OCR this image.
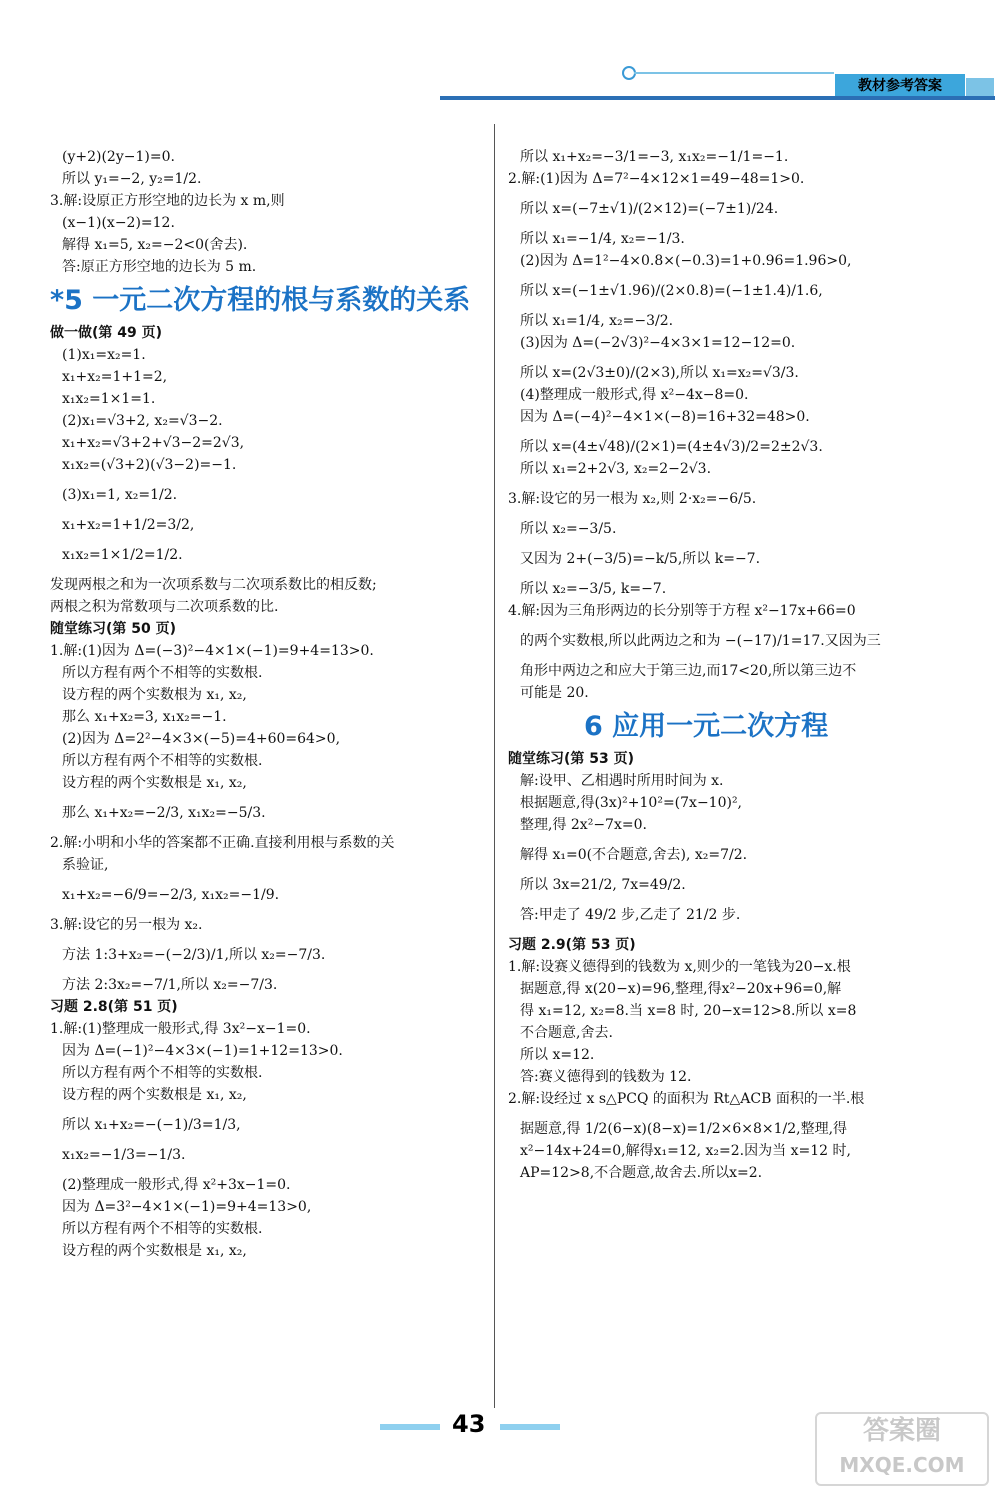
教材参考答案

(y+2)(2y−1)=0.

所以 y₁=−2, y₂=1/2.

3.解:设原正方形空地的边长为 x m,则

(x−1)(x−2)=12.

解得 x₁=5, x₂=−2<0(舍去).

答:原正方形空地的边长为 5 m.

*5 一元二次方程的根与系数的关系
做一做(第 49 页)

(1)x₁=x₂=1.

x₁+x₂=1+1=2,

x₁x₂=1×1=1.

(2)x₁=√3+2, x₂=√3−2.

x₁+x₂=√3+2+√3−2=2√3,

x₁x₂=(√3+2)(√3−2)=−1.

(3)x₁=1, x₂=1/2.

x₁+x₂=1+1/2=3/2,

x₁x₂=1×1/2=1/2.

发现两根之和为一次项系数与二次项系数比的相反数;

两根之积为常数项与二次项系数的比.

随堂练习(第 50 页)

1.解:(1)因为 Δ=(−3)²−4×1×(−1)=9+4=13>0.

所以方程有两个不相等的实数根.

设方程的两个实数根为 x₁, x₂,

那么 x₁+x₂=3, x₁x₂=−1.

(2)因为 Δ=2²−4×3×(−5)=4+60=64>0,

所以方程有两个不相等的实数根.

设方程的两个实数根是 x₁, x₂,

那么 x₁+x₂=−2/3, x₁x₂=−5/3.

2.解:小明和小华的答案都不正确.直接利用根与系数的关

系验证,

x₁+x₂=−6/9=−2/3, x₁x₂=−1/9.

3.解:设它的另一根为 x₂.

方法 1:3+x₂=−(−2/3)/1,所以 x₂=−7/3.

方法 2:3x₂=−7/1,所以 x₂=−7/3.

习题 2.8(第 51 页)

1.解:(1)整理成一般形式,得 3x²−x−1=0.

因为 Δ=(−1)²−4×3×(−1)=1+12=13>0.

所以方程有两个不相等的实数根.

设方程的两个实数根是 x₁, x₂,

所以 x₁+x₂=−(−1)/3=1/3,

x₁x₂=−1/3=−1/3.

(2)整理成一般形式,得 x²+3x−1=0.

因为 Δ=3²−4×1×(−1)=9+4=13>0,

所以方程有两个不相等的实数根.

设方程的两个实数根是 x₁, x₂,

所以 x₁+x₂=−3/1=−3, x₁x₂=−1/1=−1.

2.解:(1)因为 Δ=7²−4×12×1=49−48=1>0.

所以 x=(−7±√1)/(2×12)=(−7±1)/24.

所以 x₁=−1/4, x₂=−1/3.

(2)因为 Δ=1²−4×0.8×(−0.3)=1+0.96=1.96>0,

所以 x=(−1±√1.96)/(2×0.8)=(−1±1.4)/1.6,

所以 x₁=1/4, x₂=−3/2.

(3)因为 Δ=(−2√3)²−4×3×1=12−12=0.

所以 x=(2√3±0)/(2×3),所以 x₁=x₂=√3/3.

(4)整理成一般形式,得 x²−4x−8=0.

因为 Δ=(−4)²−4×1×(−8)=16+32=48>0.

所以 x=(4±√48)/(2×1)=(4±4√3)/2=2±2√3.

所以 x₁=2+2√3, x₂=2−2√3.

3.解:设它的另一根为 x₂,则 2·x₂=−6/5.

所以 x₂=−3/5.

又因为 2+(−3/5)=−k/5,所以 k=−7.

所以 x₂=−3/5, k=−7.

4.解:因为三角形两边的长分别等于方程 x²−17x+66=0

的两个实数根,所以此两边之和为 −(−17)/1=17.又因为三

角形中两边之和应大于第三边,而17<20,所以第三边不

可能是 20.

6 应用一元二次方程
随堂练习(第 53 页)

解:设甲、乙相遇时所用时间为 x.

根据题意,得(3x)²+10²=(7x−10)²,

整理,得 2x²−7x=0.

解得 x₁=0(不合题意,舍去), x₂=7/2.

所以 3x=21/2, 7x=49/2.

答:甲走了 49/2 步,乙走了 21/2 步.

习题 2.9(第 53 页)

1.解:设赛义德得到的钱数为 x,则少的一笔钱为20−x.根

据题意,得 x(20−x)=96,整理,得x²−20x+96=0,解

得 x₁=12, x₂=8.当 x=8 时, 20−x=12>8.所以 x=8

不合题意,舍去.

所以 x=12.

答:赛义德得到的钱数为 12.

2.解:设经过 x s△PCQ 的面积为 Rt△ACB 面积的一半.根

据题意,得 1/2(6−x)(8−x)=1/2×6×8×1/2,整理,得

x²−14x+24=0,解得x₁=12, x₂=2.因为当 x=12 时,

AP=12>8,不合题意,故舍去.所以x=2.

43	答案圈
MXQE.COM
